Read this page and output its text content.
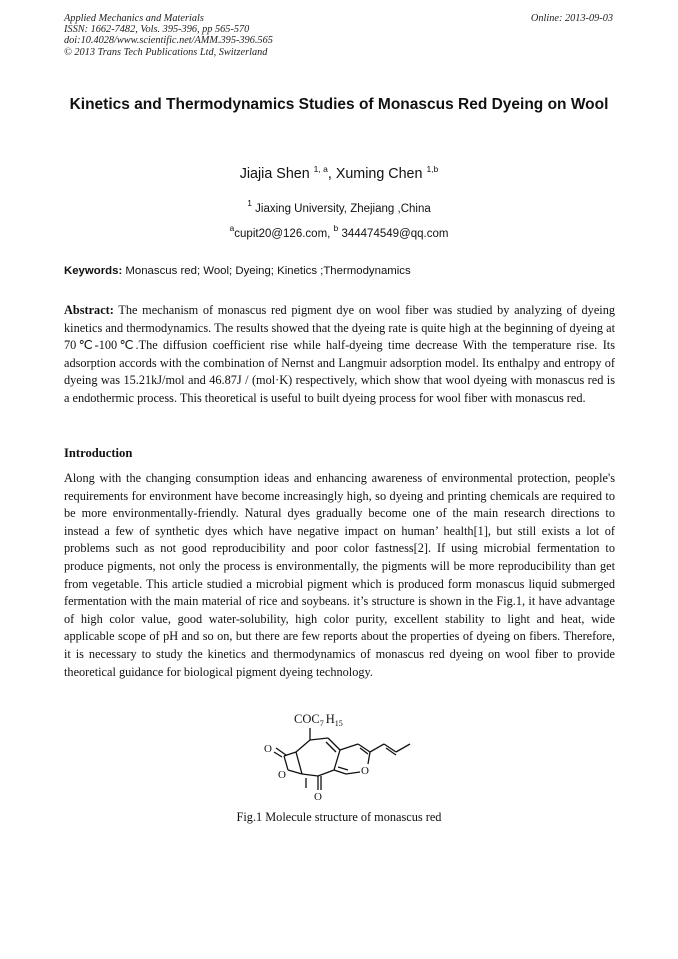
Applied Mechanics and Materials
ISSN: 1662-7482, Vols. 395-396, pp 565-570
doi:10.4028/www.scientific.net/AMM.395-396.565
© 2013 Trans Tech Publications Ltd, Switzerland
Online: 2013-09-03
Kinetics and Thermodynamics Studies of Monascus Red Dyeing on Wool
Jiajia Shen $^{1, a}$, Xuming Chen $^{1,b}$
$^1$ Jiaxing University, Zhejiang ,China
$^a$cupit20@126.com, $^b$ 344474549@qq.com
Keywords: Monascus red; Wool; Dyeing; Kinetics ;Thermodynamics
Abstract: The mechanism of monascus red pigment dye on wool fiber was studied by analyzing of dyeing kinetics and thermodynamics. The results showed that the dyeing rate is quite high at the beginning of dyeing at 70℃-100℃.The diffusion coefficient rise while half-dyeing time decrease With the temperature rise. Its adsorption accords with the combination of Nernst and Langmuir adsorption model. Its enthalpy and entropy of dyeing was 15.21kJ/mol and 46.87J / (mol·K) respectively, which show that wool dyeing with monascus red is a endothermic process. This theoretical is useful to built dyeing process for wool fiber with monascus red.
Introduction
Along with the changing consumption ideas and enhancing awareness of environmental protection, people's requirements for environment have become increasingly high, so dyeing and printing chemicals are required to be more environmentally-friendly. Natural dyes gradually become one of the main research directions to instead a few of synthetic dyes which have negative impact on human’ health[1], but still exists a lot of problems such as not good reproducibility and poor color fastness[2]. If using microbial fermentation to produce pigments, not only the process is environmentally, the pigments will be more reproducibility than get from vegetable. This article studied a microbial pigment which is produced form monascus liquid submerged fermentation with the main material of rice and soybeans. it’s structure is shown in the Fig.1, it have advantage of high color value, good water-solubility, high color purity, excellent stability to light and heat, wide applicable scope of pH and so on, but there are few reports about the properties of dyeing on fibers. Therefore, it is necessary to study the kinetics and thermodynamics of monascus red dyeing on wool fiber to provide theoretical guidance for biological pigment dyeing technology.
$COC_7$ $H_{15}$
O
O	O
O
Fig.1 Molecule structure of monascus red
